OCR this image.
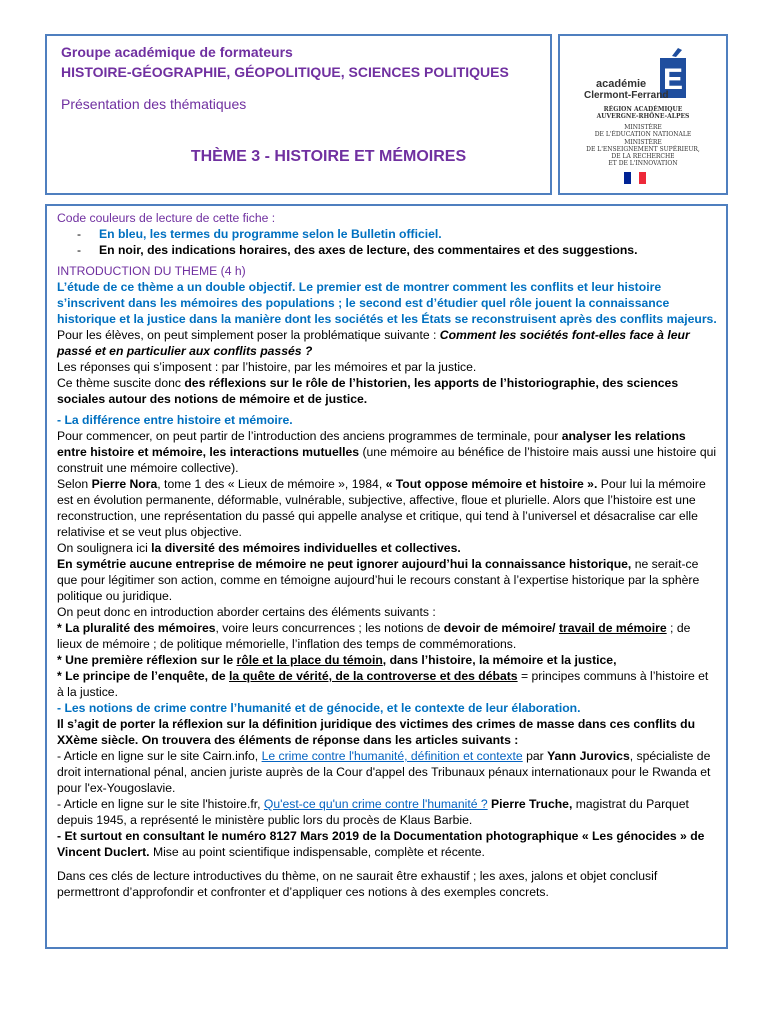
Groupe académique de formateurs
HISTOIRE-GÉOGRAPHIE, GÉOPOLITIQUE, SCIENCES POLITIQUES
Présentation des thématiques
THÈME 3 - HISTOIRE ET MÉMOIRES
E
académie
Clermont-Ferrand
RÉGION ACADÉMIQUE
AUVERGNE-RHÔNE-ALPES
MINISTÈRE
DE L'ÉDUCATION NATIONALE
MINISTÈRE
DE L'ENSEIGNEMENT SUPÉRIEUR,
DE LA RECHERCHE
ET DE L'INNOVATION

Code couleurs de lecture de cette fiche :

- En bleu, les termes du programme selon le Bulletin officiel.

- En noir, des indications horaires, des axes de lecture, des commentaires et des suggestions.

INTRODUCTION DU THEME (4 h)

L’étude de ce thème a un double objectif. Le premier est de montrer comment les conflits et leur histoire s’inscrivent dans les mémoires des populations ; le second est d’étudier quel rôle jouent la connaissance historique et la justice dans la manière dont les sociétés et les États se reconstruisent après des conflits majeurs.

Pour les élèves, on peut simplement poser la problématique suivante : Comment les sociétés font-elles face à leur passé et en particulier aux conflits passés ?

Les réponses qui s’imposent : par l’histoire, par les mémoires et par la justice.

Ce thème suscite donc des réflexions sur le rôle de l’historien, les apports de l’historiographie, des sciences sociales autour des notions de mémoire et de justice.

- La différence entre histoire et mémoire.

Pour commencer, on peut partir de l’introduction des anciens programmes de terminale, pour analyser les relations entre histoire et mémoire, les interactions mutuelles (une mémoire au bénéfice de l’histoire mais aussi une histoire qui construit une mémoire collective).

Selon Pierre Nora, tome 1 des « Lieux de mémoire », 1984, « Tout oppose mémoire et histoire ». Pour lui la mémoire est en évolution permanente, déformable, vulnérable, subjective, affective, floue et plurielle. Alors que l’histoire est une reconstruction, une représentation du passé qui appelle analyse et critique, qui tend à l’universel et désacralise car elle relativise et se veut plus objective.

On soulignera ici la diversité des mémoires individuelles et collectives.

En symétrie aucune entreprise de mémoire ne peut ignorer aujourd’hui la connaissance historique, ne serait-ce que pour légitimer son action, comme en témoigne aujourd’hui le recours constant à l’expertise historique par la sphère politique ou juridique.

On peut donc en introduction aborder certains des éléments suivants :

* La pluralité des mémoires, voire leurs concurrences ; les notions de devoir de mémoire/ travail de mémoire ; de lieux de mémoire ; de politique mémorielle, l’inflation des temps de commémorations.

* Une première réflexion sur le rôle et la place du témoin, dans l’histoire, la mémoire et la justice,

* Le principe de l’enquête, de la quête de vérité, de la controverse et des débats = principes communs à l’histoire et à la justice.

- Les notions de crime contre l’humanité et de génocide, et le contexte de leur élaboration.

Il s’agit de porter la réflexion sur la définition juridique des victimes des crimes de masse dans ces conflits du XXème siècle. On trouvera des éléments de réponse dans les articles suivants :

- Article en ligne sur le site Cairn.info, Le crime contre l'humanité, définition et contexte par Yann Jurovics, spécialiste de droit international pénal, ancien juriste auprès de la Cour d'appel des Tribunaux pénaux internationaux pour le Rwanda et pour l'ex-Yougoslavie.

- Article en ligne sur le site l'histoire.fr, Qu'est-ce qu'un crime contre l'humanité ? Pierre Truche, magistrat du Parquet depuis 1945, a représenté le ministère public lors du procès de Klaus Barbie.

- Et surtout en consultant le numéro 8127 Mars 2019 de la Documentation photographique « Les génocides » de Vincent Duclert. Mise au point scientifique indispensable, complète et récente.

Dans ces clés de lecture introductives du thème, on ne saurait être exhaustif ; les axes, jalons et objet conclusif permettront d’approfondir et confronter et d’appliquer ces notions à des exemples concrets.
